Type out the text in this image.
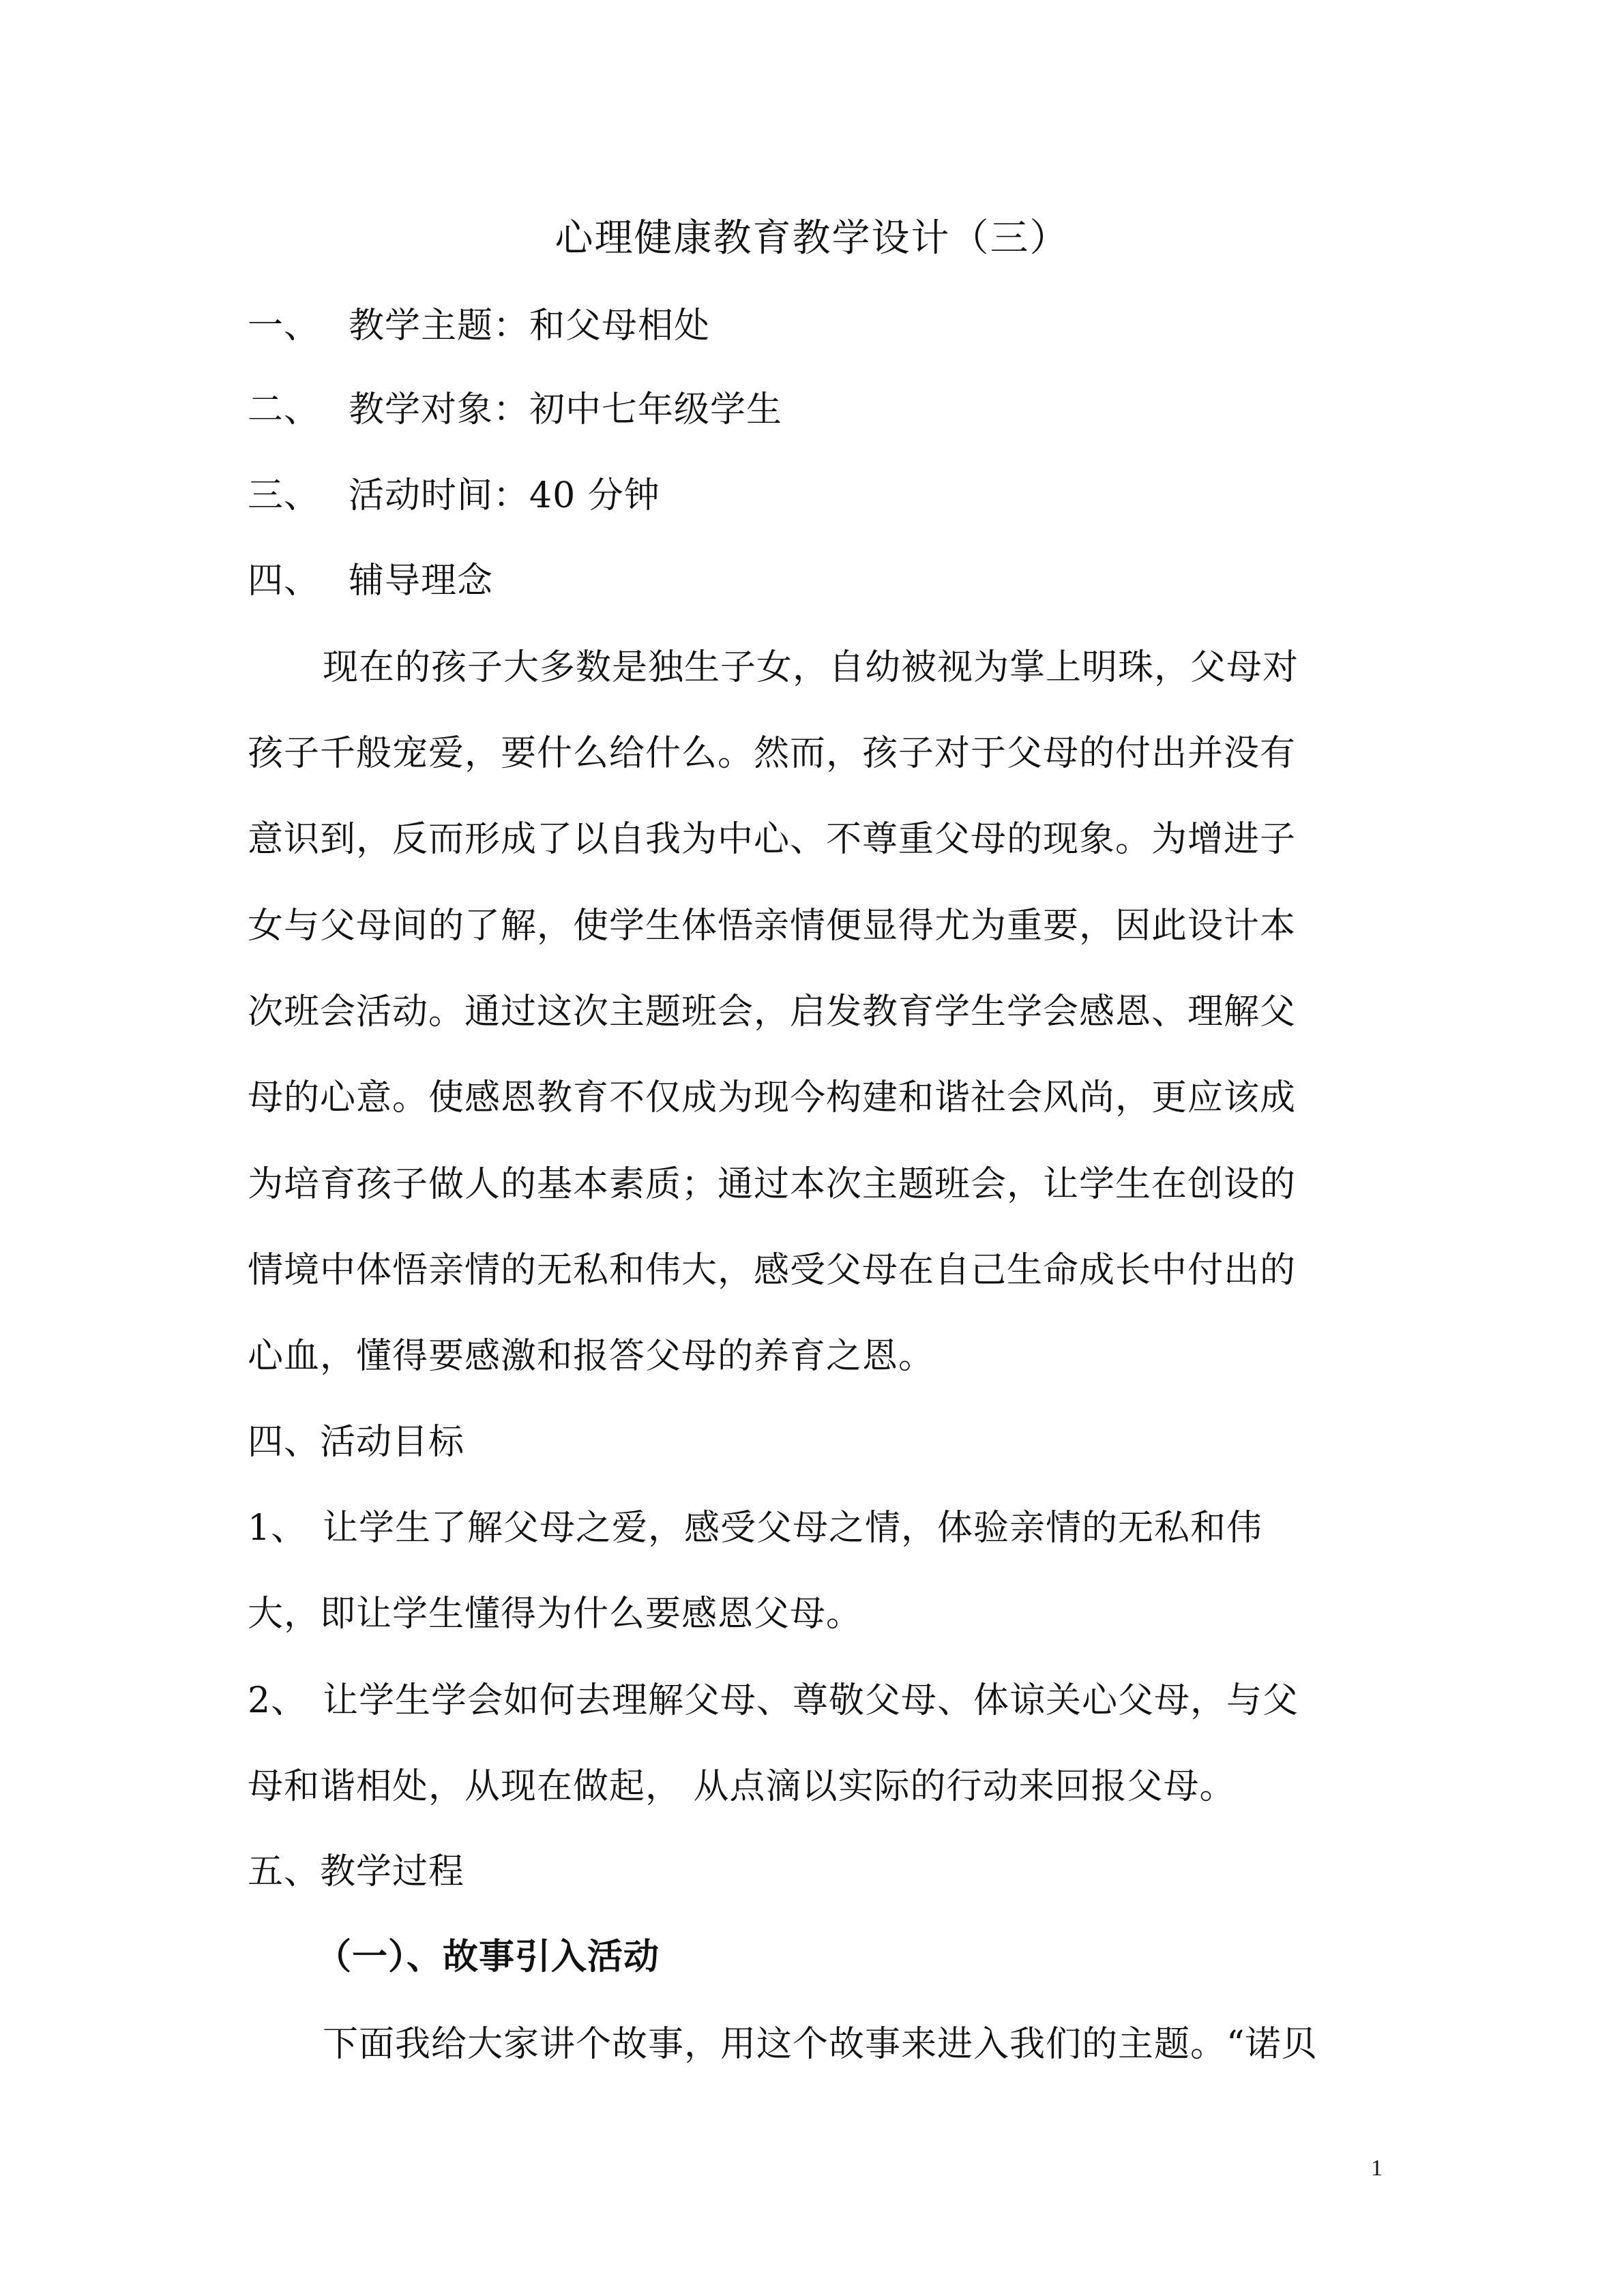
心理健康教育教学设计（三）
一、 教学主题：和父母相处
二、 教学对象：初中七年级学生
三、 活动时间：40 分钟
四、 辅导理念
现在的孩子大多数是独生子女，自幼被视为掌上明珠，父母对
孩子千般宠爱，要什么给什么。然而，孩子对于父母的付出并没有
意识到，反而形成了以自我为中心、不尊重父母的现象。为增进子
女与父母间的了解，使学生体悟亲情便显得尤为重要，因此设计本
次班会活动。通过这次主题班会，启发教育学生学会感恩、理解父
母的心意。使感恩教育不仅成为现今构建和谐社会风尚，更应该成
为培育孩子做人的基本素质；通过本次主题班会，让学生在创设的
情境中体悟亲情的无私和伟大，感受父母在自己生命成长中付出的
心血，懂得要感激和报答父母的养育之恩。
四、活动目标
1、 让学生了解父母之爱，感受父母之情，体验亲情的无私和伟
大，即让学生懂得为什么要感恩父母。
2、 让学生学会如何去理解父母、尊敬父母、体谅关心父母，与父
母和谐相处，从现在做起， 从点滴以实际的行动来回报父母。
五、教学过程
（一）、故事引入活动
下面我给大家讲个故事，用这个故事来进入我们的主题。“诺贝
1
